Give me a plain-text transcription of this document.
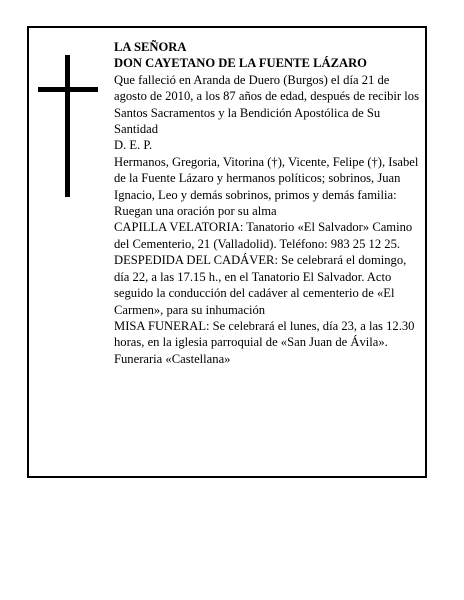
LA SEÑORA

DON CAYETANO DE LA FUENTE LÁZARO

Que falleció en Aranda de Duero (Burgos) el día 21 de agosto de 2010, a los 87 años de edad, después de recibir los Santos Sacramentos y la Bendición Apostólica de Su Santidad

D. E. P.

Hermanos, Gregoria, Vitorina (†), Vicente, Felipe (†), Isabel de la Fuente Lázaro y hermanos políticos; sobrinos, Juan Ignacio, Leo y demás sobrinos, primos y demás familia:

Ruegan una oración por su alma

CAPILLA VELATORIA: Tanatorio «El Salvador» Camino del Cementerio, 21 (Valladolid). Teléfono: 983 25 12 25.

DESPEDIDA DEL CADÁVER: Se celebrará el domingo, día 22, a las 17.15 h., en el Tanatorio El Salvador. Acto seguido la conducción del cadáver al cementerio de «El Carmen», para su inhumación

MISA FUNERAL: Se celebrará el lunes, día 23, a las 12.30 horas, en la iglesia parroquial de «San Juan de Ávila».

Funeraria «Castellana»
